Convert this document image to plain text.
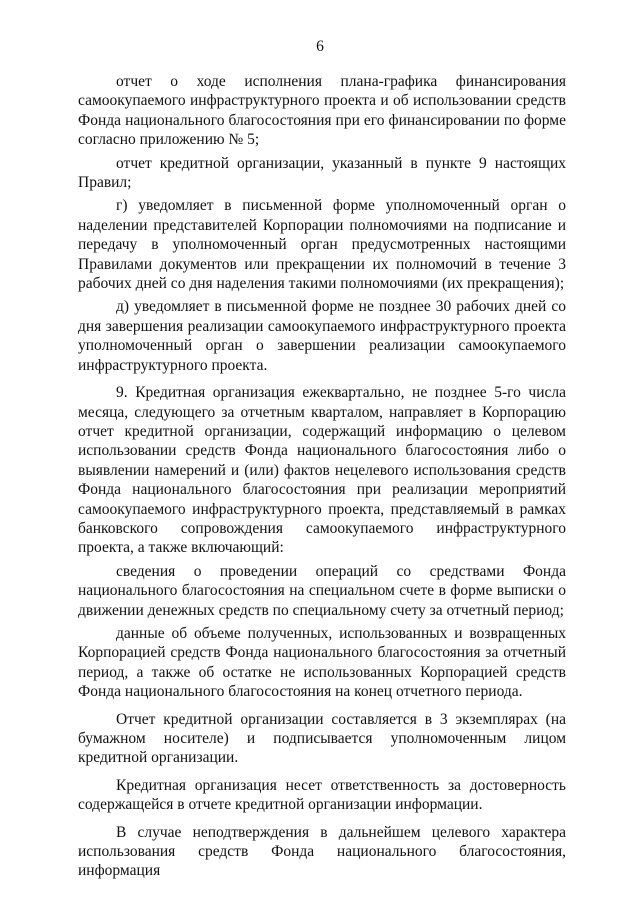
6

отчет о ходе исполнения плана-графика финансирования самоокупаемого инфраструктурного проекта и об использовании средств Фонда национального благосостояния при его финансировании по форме согласно приложению № 5;

отчет кредитной организации, указанный в пункте 9 настоящих Правил;

г) уведомляет в письменной форме уполномоченный орган о наделении представителей Корпорации полномочиями на подписание и передачу в уполномоченный орган предусмотренных настоящими Правилами документов или прекращении их полномочий в течение 3 рабочих дней со дня наделения такими полномочиями (их прекращения);

д) уведомляет в письменной форме не позднее 30 рабочих дней со дня завершения реализации самоокупаемого инфраструктурного проекта уполномоченный орган о завершении реализации самоокупаемого инфраструктурного проекта.

9. Кредитная организация ежеквартально, не позднее 5-го числа месяца, следующего за отчетным кварталом, направляет в Корпорацию отчет кредитной организации, содержащий информацию о целевом использовании средств Фонда национального благосостояния либо о выявлении намерений и (или) фактов нецелевого использования средств Фонда национального благосостояния при реализации мероприятий самоокупаемого инфраструктурного проекта, представляемый в рамках банковского сопровождения самоокупаемого инфраструктурного проекта, а также включающий:

сведения о проведении операций со средствами Фонда национального благосостояния на специальном счете в форме выписки о движении денежных средств по специальному счету за отчетный период;

данные об объеме полученных, использованных и возвращенных Корпорацией средств Фонда национального благосостояния за отчетный период, а также об остатке не использованных Корпорацией средств Фонда национального благосостояния на конец отчетного периода.

Отчет кредитной организации составляется в 3 экземплярах (на бумажном носителе) и подписывается уполномоченным лицом кредитной организации.

Кредитная организация несет ответственность за достоверность содержащейся в отчете кредитной организации информации.

В случае неподтверждения в дальнейшем целевого характера использования средств Фонда национального благосостояния, информация
